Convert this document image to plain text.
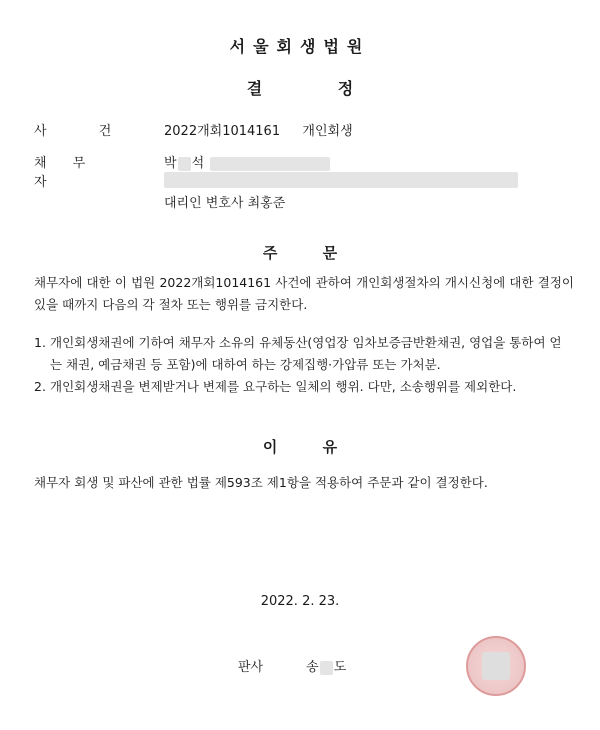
서울회생법원
결 정
사 건	2022개회1014161 개인회생
채 무 자
박 석
대리인 변호사 최홍준
주 문
채무자에 대한 이 법원 2022개회1014161 사건에 관하여 개인회생절차의 개시신청에 대한 결정이 있을 때까지 다음의 각 절차 또는 행위를 금지한다.
1. 개인회생채권에 기하여 채무자 소유의 유체동산(영업장 임차보증금반환채권, 영업을 통하여 얻는 채권, 예금채권 등 포함)에 대하여 하는 강제집행·가압류 또는 가처분.
2. 개인회생채권을 변제받거나 변제를 요구하는 일체의 행위. 다만, 소송행위를 제외한다.
이 유
채무자 회생 및 파산에 관한 법률 제593조 제1항을 적용하여 주문과 같이 결정한다.
2022. 2. 23.
판사	송 도
